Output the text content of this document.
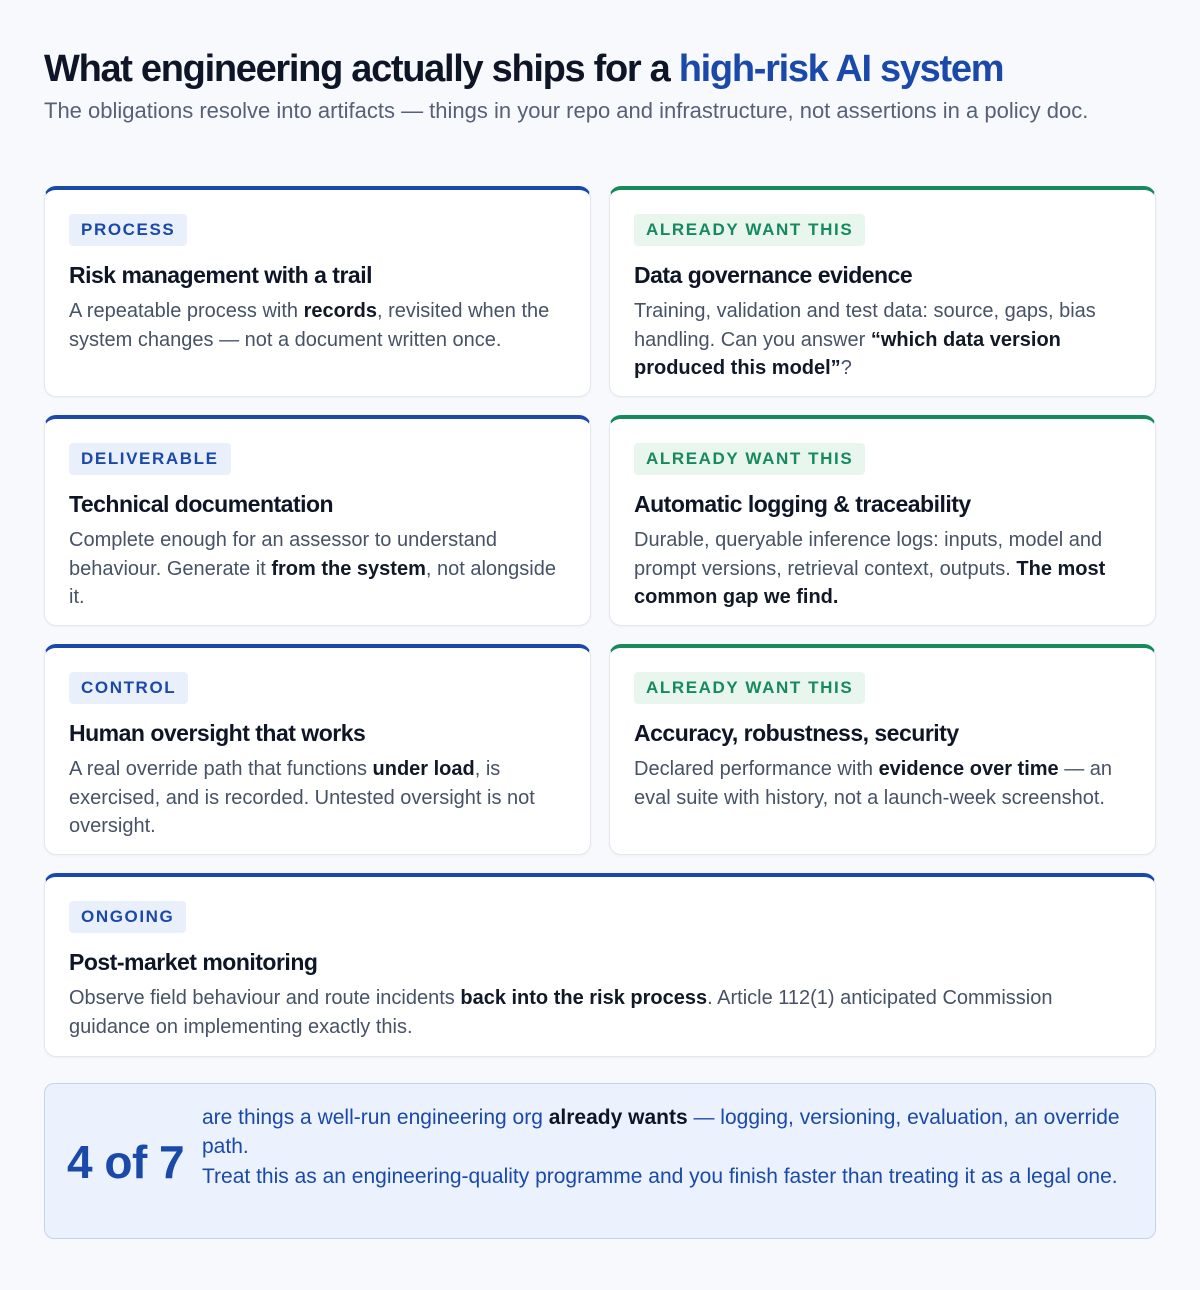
What engineering actually ships for a high-risk AI system

The obligations resolve into artifacts — things in your repo and infrastructure, not assertions in a policy doc.

PROCESS
Risk management with a trail

A repeatable process with records, revisited when the system changes — not a document written once.

ALREADY WANT THIS
Data governance evidence

Training, validation and test data: source, gaps, bias handling. Can you answer “which data version produced this model”?

DELIVERABLE
Technical documentation

Complete enough for an assessor to understand behaviour. Generate it from the system, not alongside it.

ALREADY WANT THIS
Automatic logging & traceability

Durable, queryable inference logs: inputs, model and prompt versions, retrieval context, outputs. The most common gap we find.

CONTROL
Human oversight that works

A real override path that functions under load, is exercised, and is recorded. Untested oversight is not oversight.

ALREADY WANT THIS
Accuracy, robustness, security

Declared performance with evidence over time — an eval suite with history, not a launch-week screenshot.

ONGOING
Post-market monitoring

Observe field behaviour and route incidents back into the risk process. Article 112(1) anticipated Commission guidance on implementing exactly this.

4 of 7
are things a well-run engineering org already wants — logging, versioning, evaluation, an override path.
Treat this as an engineering-quality programme and you finish faster than treating it as a legal one.
